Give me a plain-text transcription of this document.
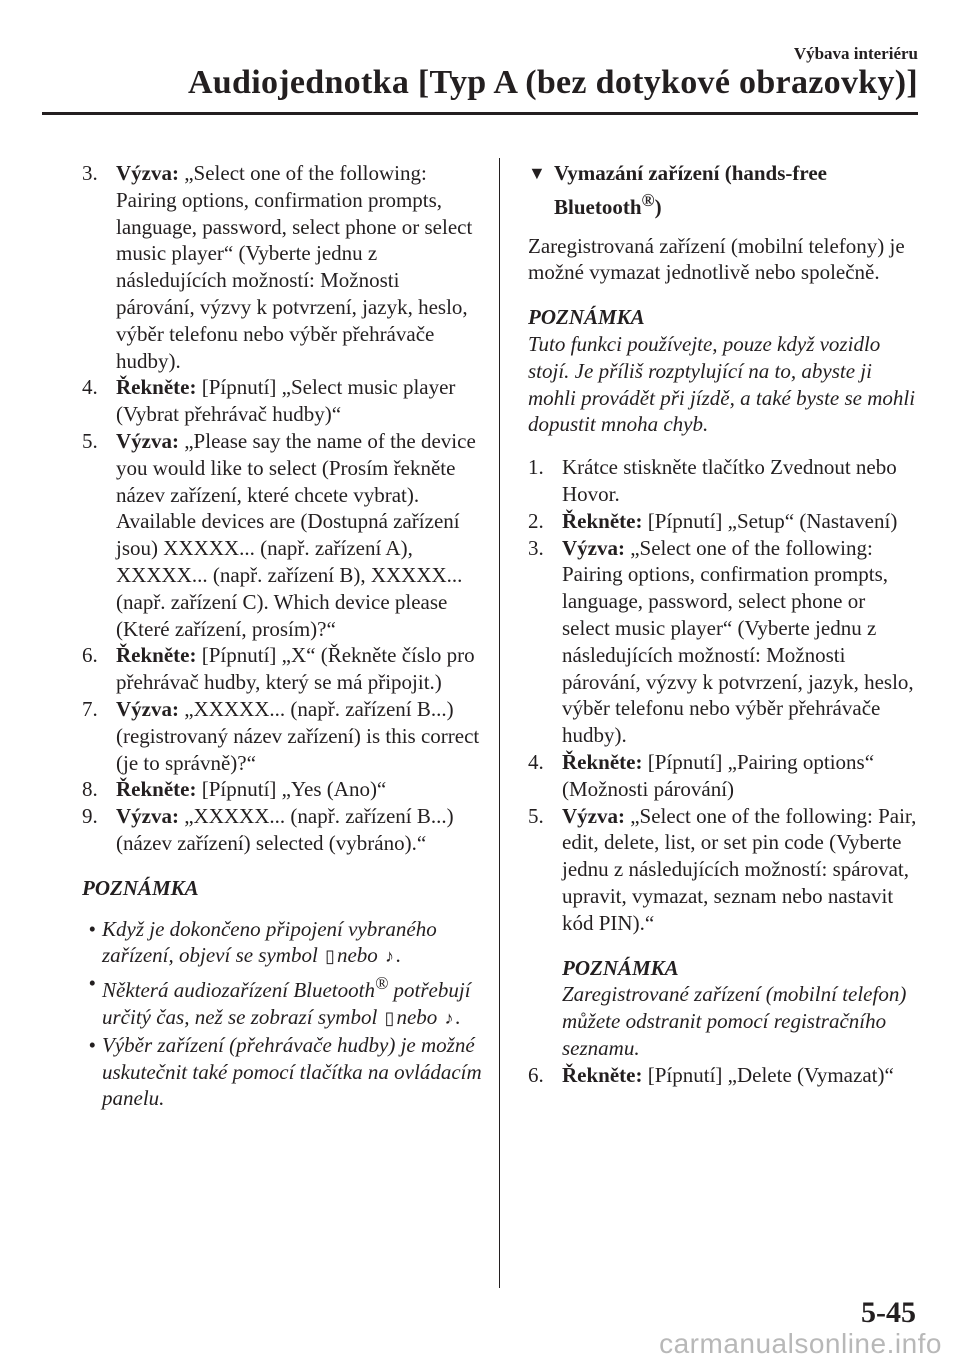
Výbava interiéru
Audiojednotka [Typ A (bez dotykové obrazovky)]
3. Výzva: „Select one of the following: Pairing options, confirmation prompts, language, password, select phone or select music player“ (Vyberte jednu z následujících možností: Možnosti párování, výzvy k potvrzení, jazyk, heslo, výběr telefonu nebo výběr přehrávače hudby).
4. Řekněte: [Pípnutí] „Select music player (Vybrat přehrávač hudby)“
5. Výzva: „Please say the name of the device you would like to select (Prosím řekněte název zařízení, které chcete vybrat). Available devices are (Dostupná zařízení jsou) XXXXX... (např. zařízení A), XXXXX... (např. zařízení B), XXXXX... (např. zařízení C). Which device please (Které zařízení, prosím)?“
6. Řekněte: [Pípnutí] „X“ (Řekněte číslo pro přehrávač hudby, který se má připojit.)
7. Výzva: „XXXXX... (např. zařízení B...) (registrovaný název zařízení) is this correct (je to správně)?“
8. Řekněte: [Pípnutí] „Yes (Ano)“
9. Výzva: „XXXXX... (např. zařízení B...) (název zařízení) selected (vybráno).“
POZNÁMKA
• Když je dokončeno připojení vybraného zařízení, objeví se symbol ▯nebo ♪.
• Některá audiozařízení Bluetooth® potřebují určitý čas, než se zobrazí symbol ▯nebo ♪.
• Výběr zařízení (přehrávače hudby) je možné uskutečnit také pomocí tlačítka na ovládacím panelu.
▼ Vymazání zařízení (hands-free Bluetooth®)
Zaregistrovaná zařízení (mobilní telefony) je možné vymazat jednotlivě nebo společně.
POZNÁMKA
Tuto funkci používejte, pouze když vozidlo stojí. Je příliš rozptylující na to, abyste ji mohli provádět při jízdě, a také byste se mohli dopustit mnoha chyb.
1. Krátce stiskněte tlačítko Zvednout nebo Hovor.
2. Řekněte: [Pípnutí] „Setup“ (Nastavení)
3. Výzva: „Select one of the following: Pairing options, confirmation prompts, language, password, select phone or select music player“ (Vyberte jednu z následujících možností: Možnosti párování, výzvy k potvrzení, jazyk, heslo, výběr telefonu nebo výběr přehrávače hudby).
4. Řekněte: [Pípnutí] „Pairing options“ (Možnosti párování)
5. Výzva: „Select one of the following: Pair, edit, delete, list, or set pin code (Vyberte jednu z následujících možností: spárovat, upravit, vymazat, seznam nebo nastavit kód PIN).“
POZNÁMKA
Zaregistrované zařízení (mobilní telefon) můžete odstranit pomocí registračního seznamu.
6. Řekněte: [Pípnutí] „Delete (Vymazat)“
5-45
carmanualsonline.info
